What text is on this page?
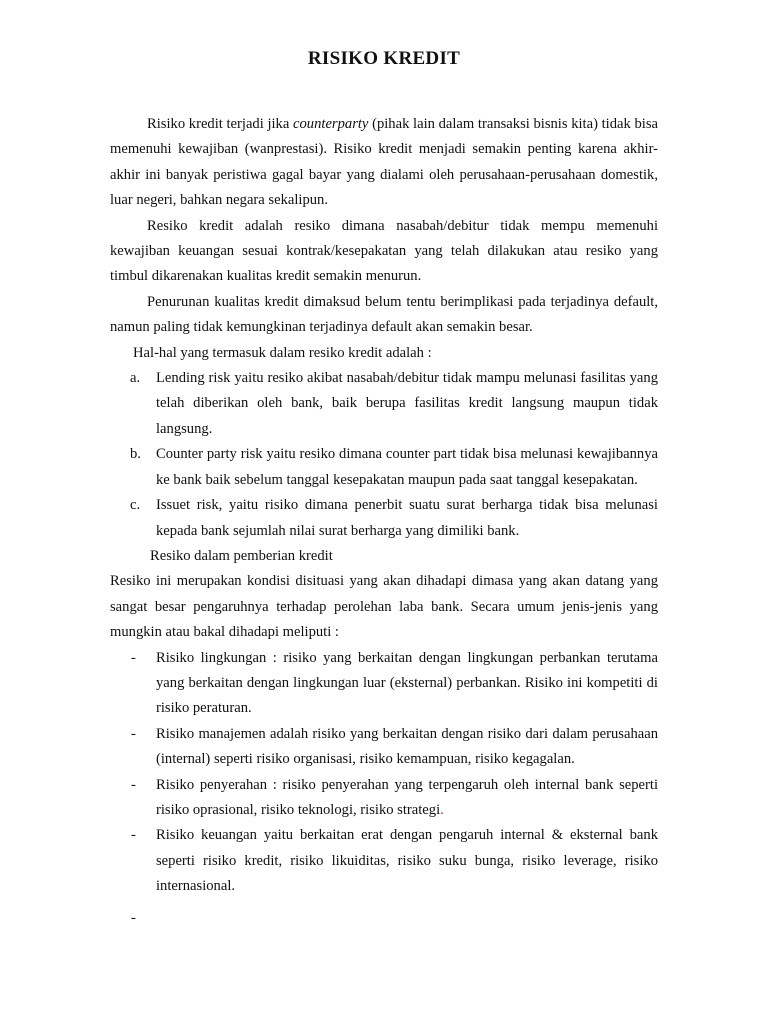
RISIKO KREDIT

Risiko kredit terjadi jika counterparty (pihak lain dalam transaksi bisnis kita) tidak bisa memenuhi kewajiban (wanprestasi). Risiko kredit menjadi semakin penting karena akhir-akhir ini banyak peristiwa gagal bayar yang dialami oleh perusahaan-perusahaan domestik, luar negeri, bahkan negara sekalipun.

Resiko kredit adalah resiko dimana nasabah/debitur tidak mempu memenuhi kewajiban keuangan sesuai kontrak/kesepakatan yang telah dilakukan atau resiko yang timbul dikarenakan kualitas kredit semakin menurun.

Penurunan kualitas kredit dimaksud belum tentu berimplikasi pada terjadinya default, namun paling tidak kemungkinan terjadinya default akan semakin besar.

Hal-hal yang termasuk dalam resiko kredit adalah :

a. Lending risk yaitu resiko akibat nasabah/debitur tidak mampu melunasi fasilitas yang telah diberikan oleh bank, baik berupa fasilitas kredit langsung maupun tidak langsung.

b. Counter party risk yaitu resiko dimana counter part tidak bisa melunasi kewajibannya ke bank baik sebelum tanggal kesepakatan maupun pada saat tanggal kesepakatan.

c. Issuet risk, yaitu risiko dimana penerbit suatu surat berharga tidak bisa melunasi kepada bank sejumlah nilai surat berharga yang dimiliki bank.

Resiko dalam pemberian kredit

Resiko ini merupakan kondisi disituasi yang akan dihadapi dimasa yang akan datang yang sangat besar pengaruhnya terhadap perolehan laba bank. Secara umum jenis-jenis yang mungkin atau bakal dihadapi meliputi :

- Risiko lingkungan : risiko yang berkaitan dengan lingkungan perbankan terutama yang berkaitan dengan lingkungan luar (eksternal) perbankan. Risiko ini kompetiti di risiko peraturan.

- Risiko manajemen adalah risiko yang berkaitan dengan risiko dari dalam perusahaan (internal) seperti risiko organisasi, risiko kemampuan, risiko kegagalan.

- Risiko penyerahan : risiko penyerahan yang terpengaruh oleh internal bank seperti risiko oprasional, risiko teknologi, risiko strategi.

- Risiko keuangan yaitu berkaitan erat dengan pengaruh internal & eksternal bank seperti risiko kredit, risiko likuiditas, risiko suku bunga, risiko leverage, risiko internasional.

-
